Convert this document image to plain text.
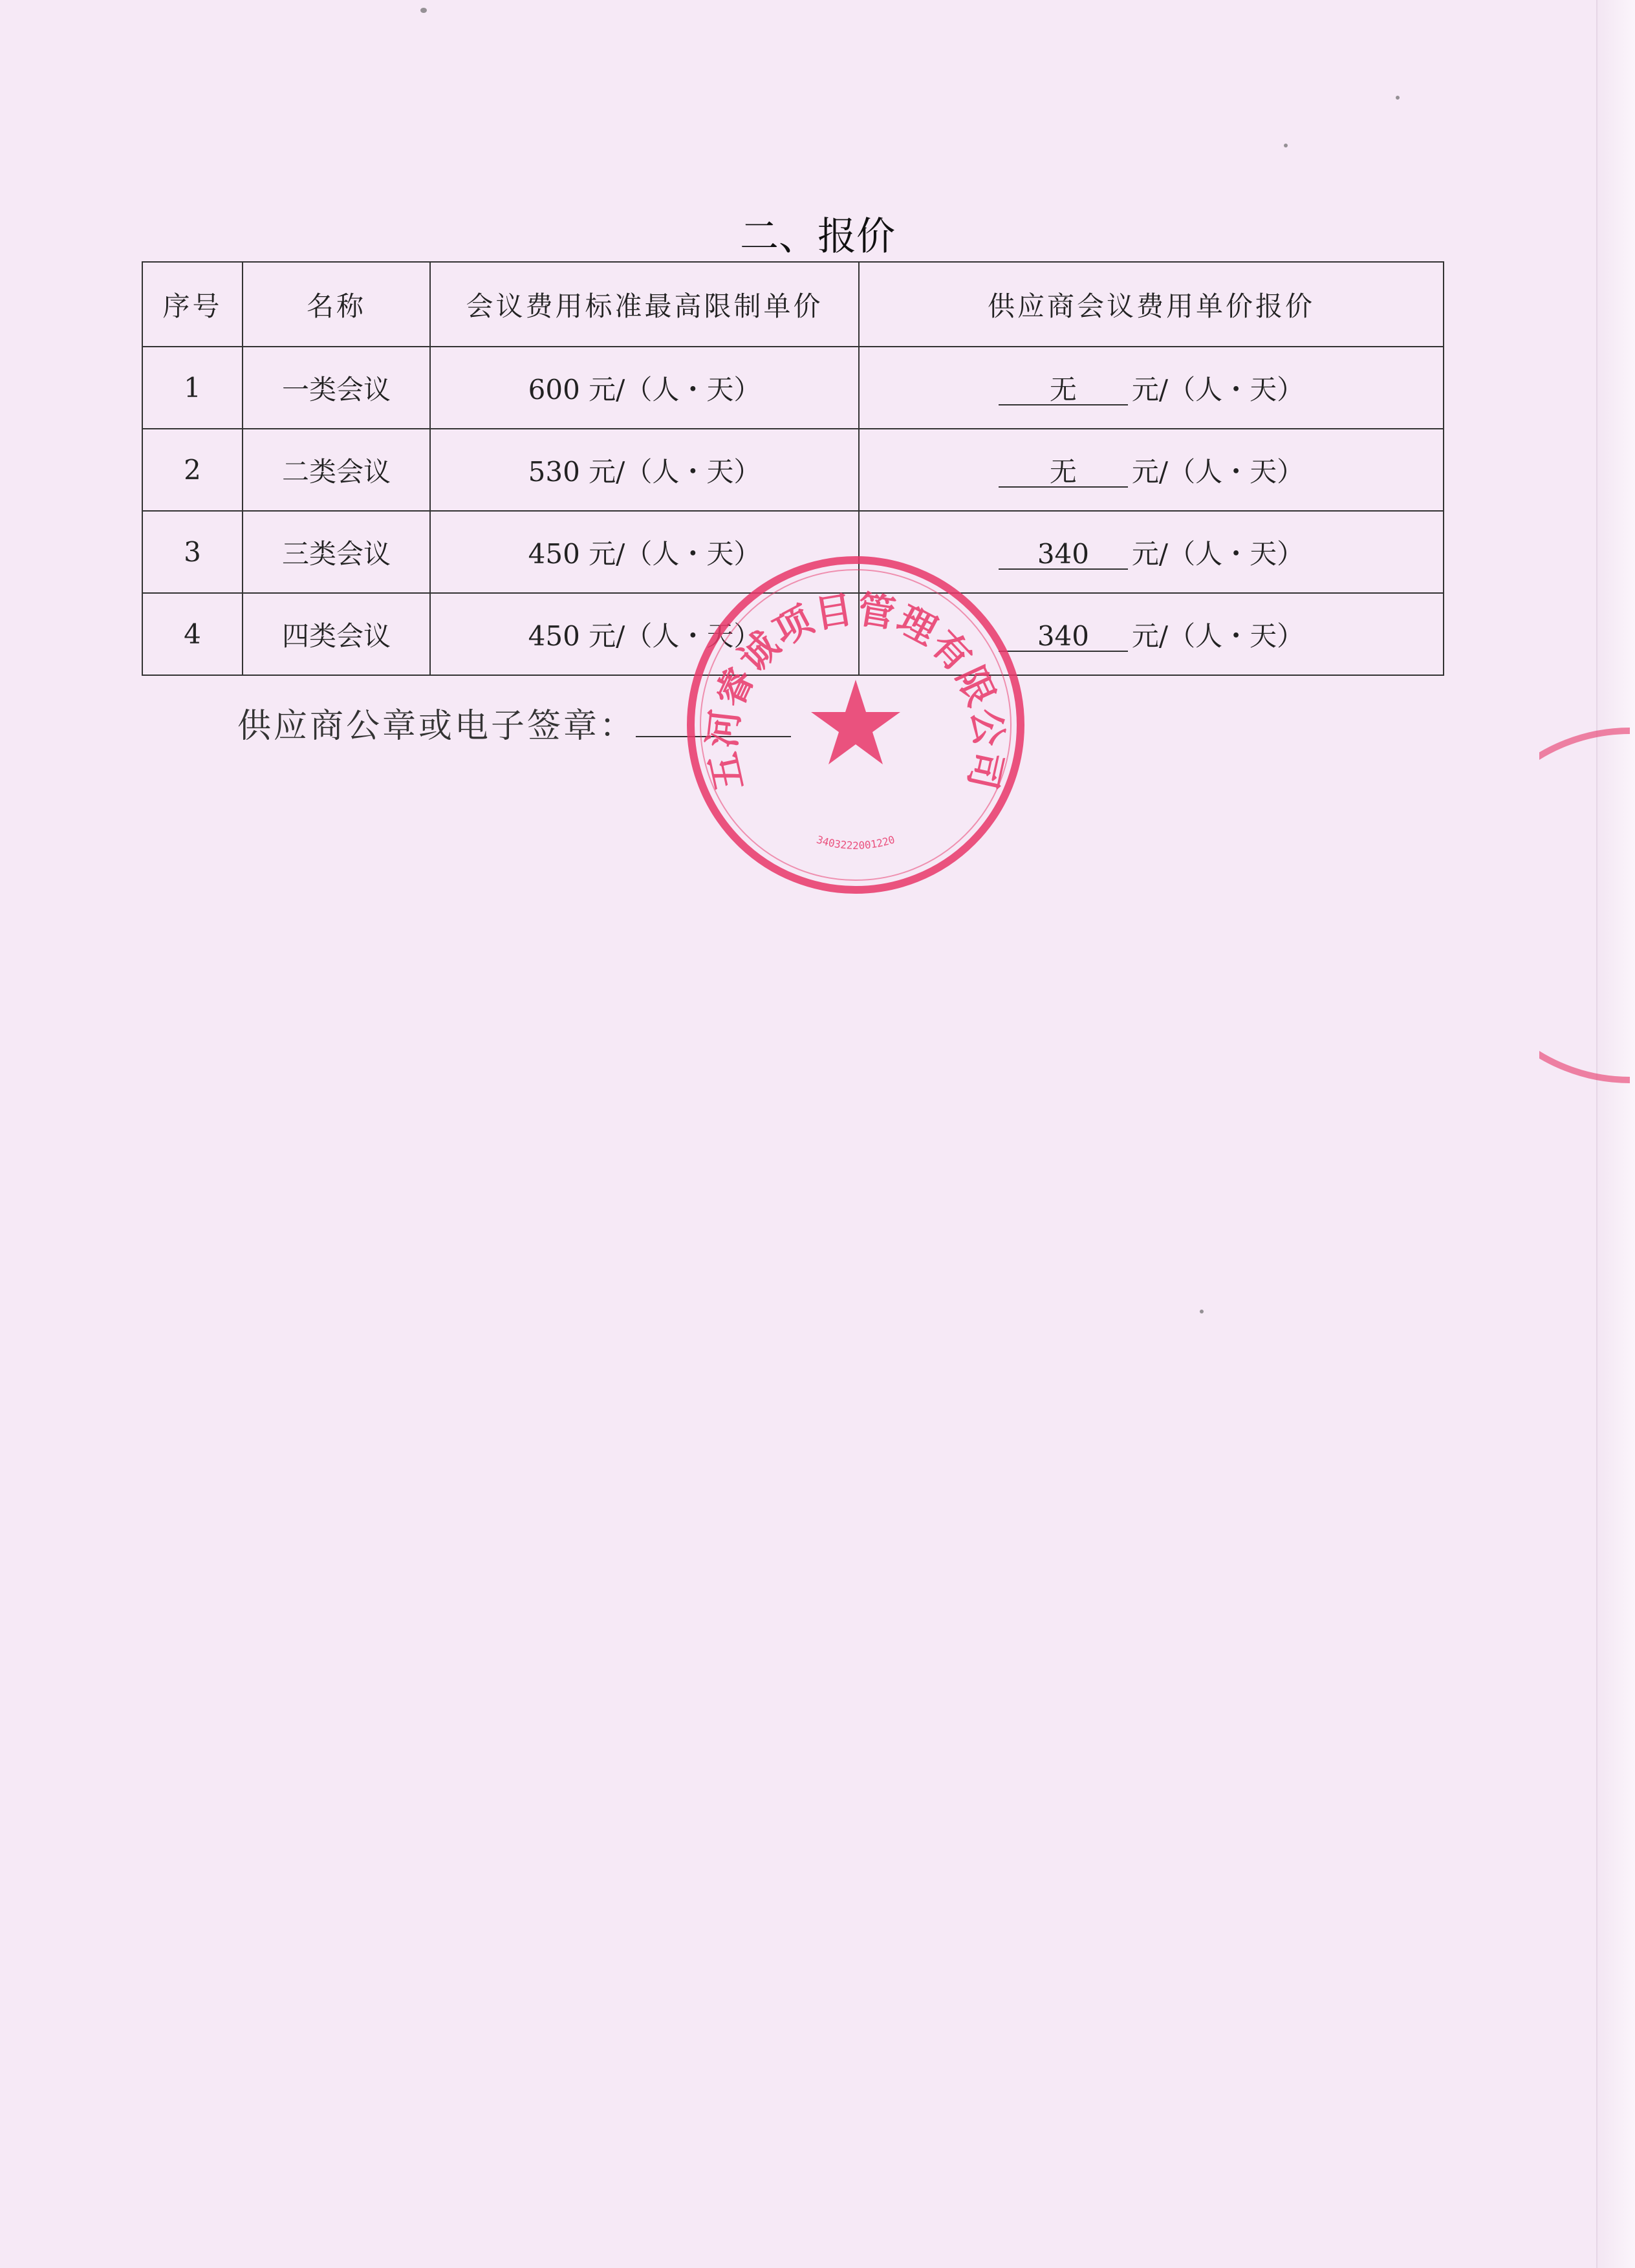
二、报价
序号	名称	会议费用标准最高限制单价	供应商会议费用单价报价
1	一类会议	600 元/（人・天）	无 元/（人・天）
2	二类会议	530 元/（人・天）	无 元/（人・天）
3	三类会议	450 元/（人・天）	340 元/（人・天）
4	四类会议	450 元/（人・天）	340 元/（人・天）
供应商公章或电子签章：
五河睿诚项目管理有限公司
3403222001220
